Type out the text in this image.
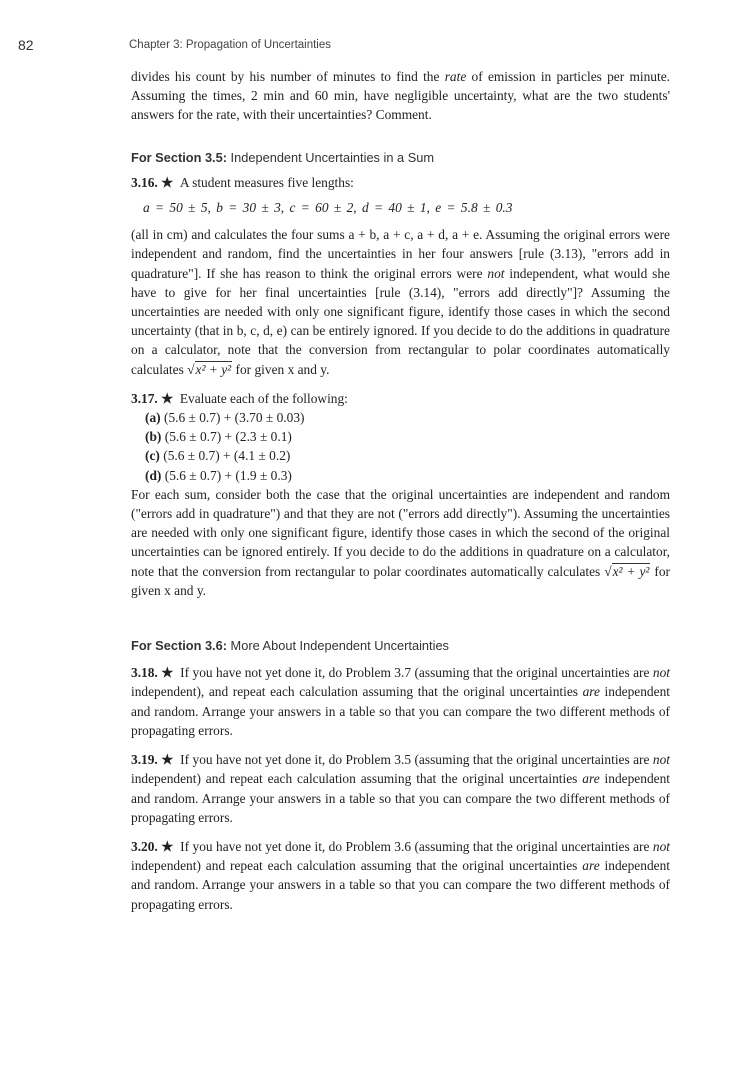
82	Chapter 3: Propagation of Uncertainties

divides his count by his number of minutes to find the rate of emission in particles per minute. Assuming the times, 2 min and 60 min, have negligible uncertainty, what are the two students' answers for the rate, with their uncertainties? Comment.

For Section 3.5: Independent Uncertainties in a Sum

3.16. ★ A student measures five lengths:

a = 50 ± 5, b = 30 ± 3, c = 60 ± 2, d = 40 ± 1, e = 5.8 ± 0.3

(all in cm) and calculates the four sums a + b, a + c, a + d, a + e. Assuming the original errors were independent and random, find the uncertainties in her four answers [rule (3.13), "errors add in quadrature"]. If she has reason to think the original errors were not independent, what would she have to give for her final uncertainties [rule (3.14), "errors add directly"]? Assuming the uncertainties are needed with only one significant figure, identify those cases in which the second uncertainty (that in b, c, d, e) can be entirely ignored. If you decide to do the additions in quadrature on a calculator, note that the conversion from rectangular to polar coordinates automatically calculates √x² + y² for given x and y.

3.17. ★ Evaluate each of the following:

(a) (5.6 ± 0.7) + (3.70 ± 0.03)
(b) (5.6 ± 0.7) + (2.3 ± 0.1)
(c) (5.6 ± 0.7) + (4.1 ± 0.2)
(d) (5.6 ± 0.7) + (1.9 ± 0.3)

For each sum, consider both the case that the original uncertainties are independent and random ("errors add in quadrature") and that they are not ("errors add directly"). Assuming the uncertainties are needed with only one significant figure, identify those cases in which the second of the original uncertainties can be ignored entirely. If you decide to do the additions in quadrature on a calculator, note that the conversion from rectangular to polar coordinates automatically calculates √x² + y² for given x and y.

For Section 3.6: More About Independent Uncertainties

3.18. ★ If you have not yet done it, do Problem 3.7 (assuming that the original uncertainties are not independent), and repeat each calculation assuming that the original uncertainties are independent and random. Arrange your answers in a table so that you can compare the two different methods of propagating errors.

3.19. ★ If you have not yet done it, do Problem 3.5 (assuming that the original uncertainties are not independent) and repeat each calculation assuming that the original uncertainties are independent and random. Arrange your answers in a table so that you can compare the two different methods of propagating errors.

3.20. ★ If you have not yet done it, do Problem 3.6 (assuming that the original uncertainties are not independent) and repeat each calculation assuming that the original uncertainties are independent and random. Arrange your answers in a table so that you can compare the two different methods of propagating errors.
